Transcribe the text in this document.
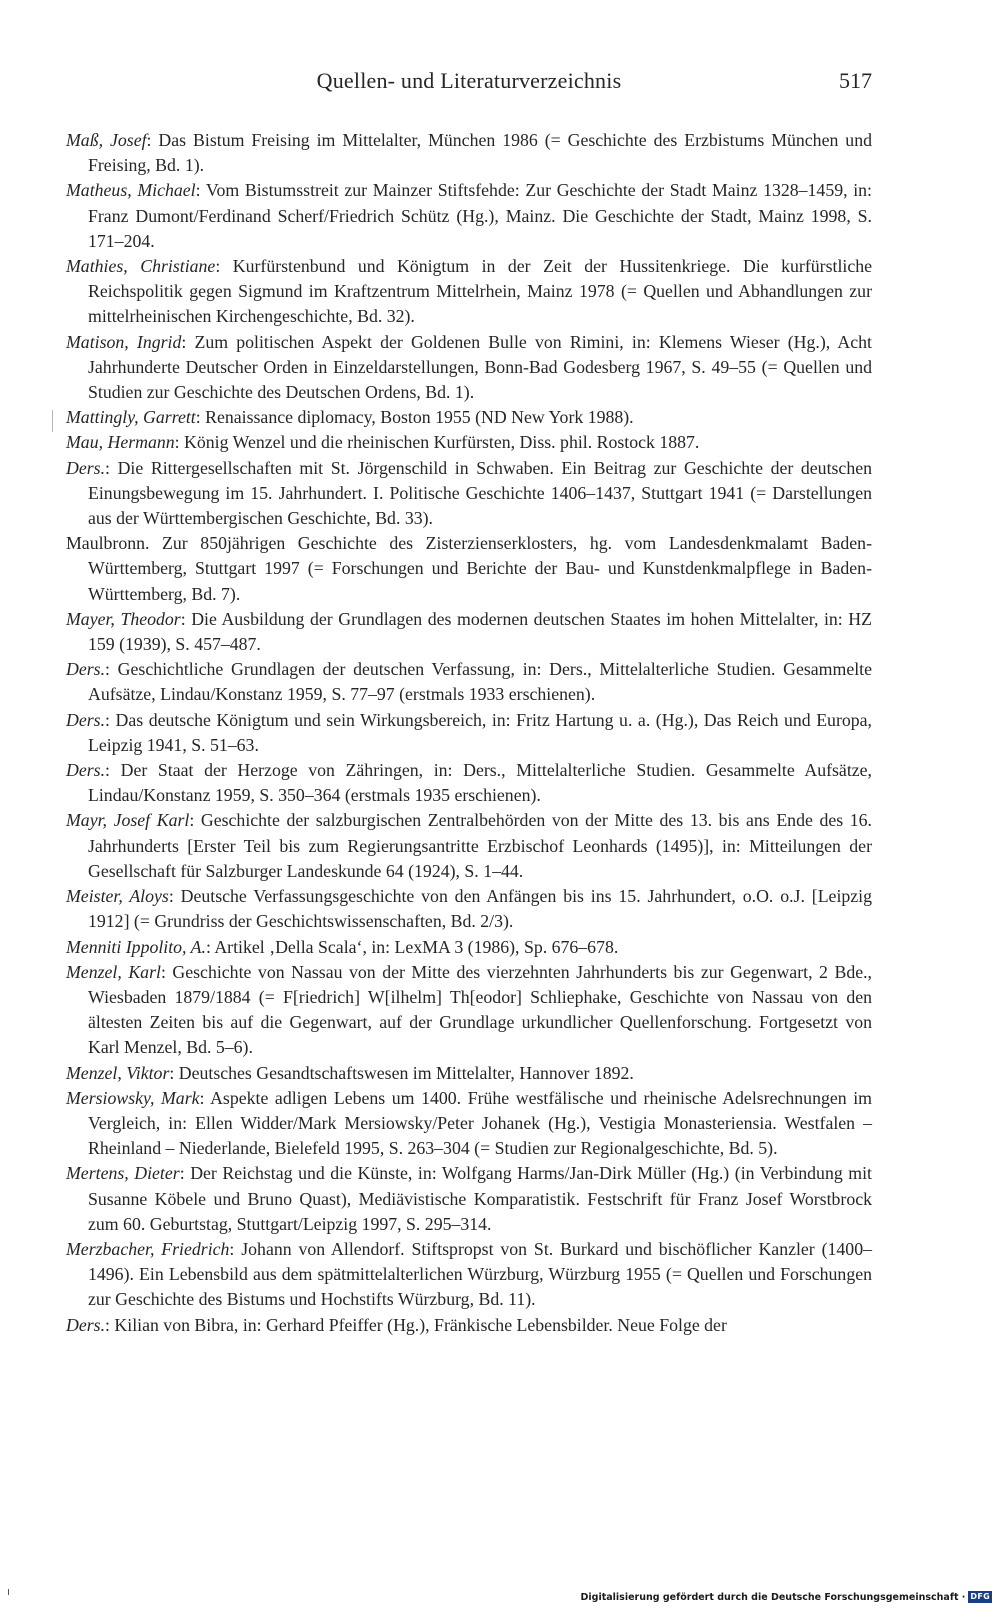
Quellen- und Literaturverzeichnis	517
Maß, Josef: Das Bistum Freising im Mittelalter, München 1986 (= Geschichte des Erzbistums München und Freising, Bd. 1).
Matheus, Michael: Vom Bistumsstreit zur Mainzer Stiftsfehde: Zur Geschichte der Stadt Mainz 1328–1459, in: Franz Dumont/Ferdinand Scherf/Friedrich Schütz (Hg.), Mainz. Die Geschichte der Stadt, Mainz 1998, S. 171–204.
Mathies, Christiane: Kurfürstenbund und Königtum in der Zeit der Hussitenkriege. Die kurfürstliche Reichspolitik gegen Sigmund im Kraftzentrum Mittelrhein, Mainz 1978 (= Quellen und Abhandlungen zur mittelrheinischen Kirchengeschichte, Bd. 32).
Matison, Ingrid: Zum politischen Aspekt der Goldenen Bulle von Rimini, in: Klemens Wieser (Hg.), Acht Jahrhunderte Deutscher Orden in Einzeldarstellungen, Bonn-Bad Godesberg 1967, S. 49–55 (= Quellen und Studien zur Geschichte des Deutschen Ordens, Bd. 1).
Mattingly, Garrett: Renaissance diplomacy, Boston 1955 (ND New York 1988).
Mau, Hermann: König Wenzel und die rheinischen Kurfürsten, Diss. phil. Rostock 1887.
Ders.: Die Rittergesellschaften mit St. Jörgenschild in Schwaben. Ein Beitrag zur Geschichte der deutschen Einungsbewegung im 15. Jahrhundert. I. Politische Geschichte 1406–1437, Stuttgart 1941 (= Darstellungen aus der Württembergischen Geschichte, Bd. 33).
Maulbronn. Zur 850jährigen Geschichte des Zisterzienserklosters, hg. vom Landesdenkmalamt Baden-Württemberg, Stuttgart 1997 (= Forschungen und Berichte der Bau- und Kunstdenkmalpflege in Baden-Württemberg, Bd. 7).
Mayer, Theodor: Die Ausbildung der Grundlagen des modernen deutschen Staates im hohen Mittelalter, in: HZ 159 (1939), S. 457–487.
Ders.: Geschichtliche Grundlagen der deutschen Verfassung, in: Ders., Mittelalterliche Studien. Gesammelte Aufsätze, Lindau/Konstanz 1959, S. 77–97 (erstmals 1933 erschienen).
Ders.: Das deutsche Königtum und sein Wirkungsbereich, in: Fritz Hartung u. a. (Hg.), Das Reich und Europa, Leipzig 1941, S. 51–63.
Ders.: Der Staat der Herzoge von Zähringen, in: Ders., Mittelalterliche Studien. Gesammelte Aufsätze, Lindau/Konstanz 1959, S. 350–364 (erstmals 1935 erschienen).
Mayr, Josef Karl: Geschichte der salzburgischen Zentralbehörden von der Mitte des 13. bis ans Ende des 16. Jahrhunderts [Erster Teil bis zum Regierungsantritte Erzbischof Leonhards (1495)], in: Mitteilungen der Gesellschaft für Salzburger Landeskunde 64 (1924), S. 1–44.
Meister, Aloys: Deutsche Verfassungsgeschichte von den Anfängen bis ins 15. Jahrhundert, o.O. o.J. [Leipzig 1912] (= Grundriss der Geschichtswissenschaften, Bd. 2/3).
Menniti Ippolito, A.: Artikel ‚Della Scala‘, in: LexMA 3 (1986), Sp. 676–678.
Menzel, Karl: Geschichte von Nassau von der Mitte des vierzehnten Jahrhunderts bis zur Gegenwart, 2 Bde., Wiesbaden 1879/1884 (= F[riedrich] W[ilhelm] Th[eodor] Schliephake, Geschichte von Nassau von den ältesten Zeiten bis auf die Gegenwart, auf der Grundlage urkundlicher Quellenforschung. Fortgesetzt von Karl Menzel, Bd. 5–6).
Menzel, Viktor: Deutsches Gesandtschaftswesen im Mittelalter, Hannover 1892.
Mersiowsky, Mark: Aspekte adligen Lebens um 1400. Frühe westfälische und rheinische Adelsrechnungen im Vergleich, in: Ellen Widder/Mark Mersiowsky/Peter Johanek (Hg.), Vestigia Monasteriensia. Westfalen – Rheinland – Niederlande, Bielefeld 1995, S. 263–304 (= Studien zur Regionalgeschichte, Bd. 5).
Mertens, Dieter: Der Reichstag und die Künste, in: Wolfgang Harms/Jan-Dirk Müller (Hg.) (in Verbindung mit Susanne Köbele und Bruno Quast), Mediävistische Komparatistik. Festschrift für Franz Josef Worstbrock zum 60. Geburtstag, Stuttgart/Leipzig 1997, S. 295–314.
Merzbacher, Friedrich: Johann von Allendorf. Stiftspropst von St. Burkard und bischöflicher Kanzler (1400–1496). Ein Lebensbild aus dem spätmittelalterlichen Würzburg, Würzburg 1955 (= Quellen und Forschungen zur Geschichte des Bistums und Hochstifts Würzburg, Bd. 11).
Ders.: Kilian von Bibra, in: Gerhard Pfeiffer (Hg.), Fränkische Lebensbilder. Neue Folge der
Digitalisierung gefördert durch die Deutsche Forschungsgemeinschaft · DFG
